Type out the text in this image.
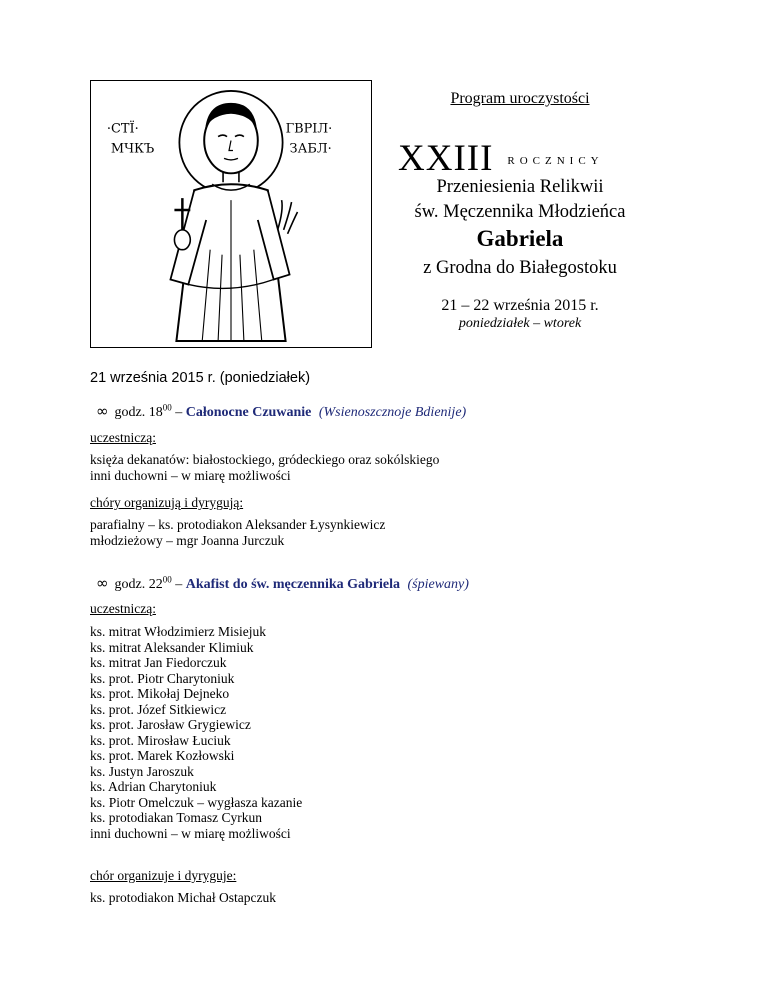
·СТЇ·
МЧКЪ
ГВРІЛ·
ЗАБЛ·
Program uroczystości
XXIII $^{ROCZNICY}$
Przeniesienia Relikwii
św. Męczennika Młodzieńca
Gabriela
z Grodna do Białegostoku
21 – 22 września 2015 r.
poniedziałek – wtorek
21 września 2015 r. (poniedziałek)
∞ godz. $18^{00}$ – Całonocne Czuwanie (Wsienoszcznoje Bdienije)
uczestniczą:
księża dekanatów: białostockiego, gródeckiego oraz sokólskiego
inni duchowni – w miarę możliwości
chóry organizują i dyrygują:
parafialny – ks. protodiakon Aleksander Łysynkiewicz
młodzieżowy – mgr Joanna Jurczuk
∞ godz. $22^{00}$ – Akafist do św. męczennika Gabriela (śpiewany)
uczestniczą:
ks. mitrat Włodzimierz Misiejuk
ks. mitrat Aleksander Klimiuk
ks. mitrat Jan Fiedorczuk
ks. prot. Piotr Charytoniuk
ks. prot. Mikołaj Dejneko
ks. prot. Józef Sitkiewicz
ks. prot. Jarosław Grygiewicz
ks. prot. Mirosław Łuciuk
ks. prot. Marek Kozłowski
ks. Justyn Jaroszuk
ks. Adrian Charytoniuk
ks. Piotr Omelczuk – wygłasza kazanie
ks. protodiakan Tomasz Cyrkun
inni duchowni – w miarę możliwości
chór organizuje i dyryguje:
ks. protodiakon Michał Ostapczuk
